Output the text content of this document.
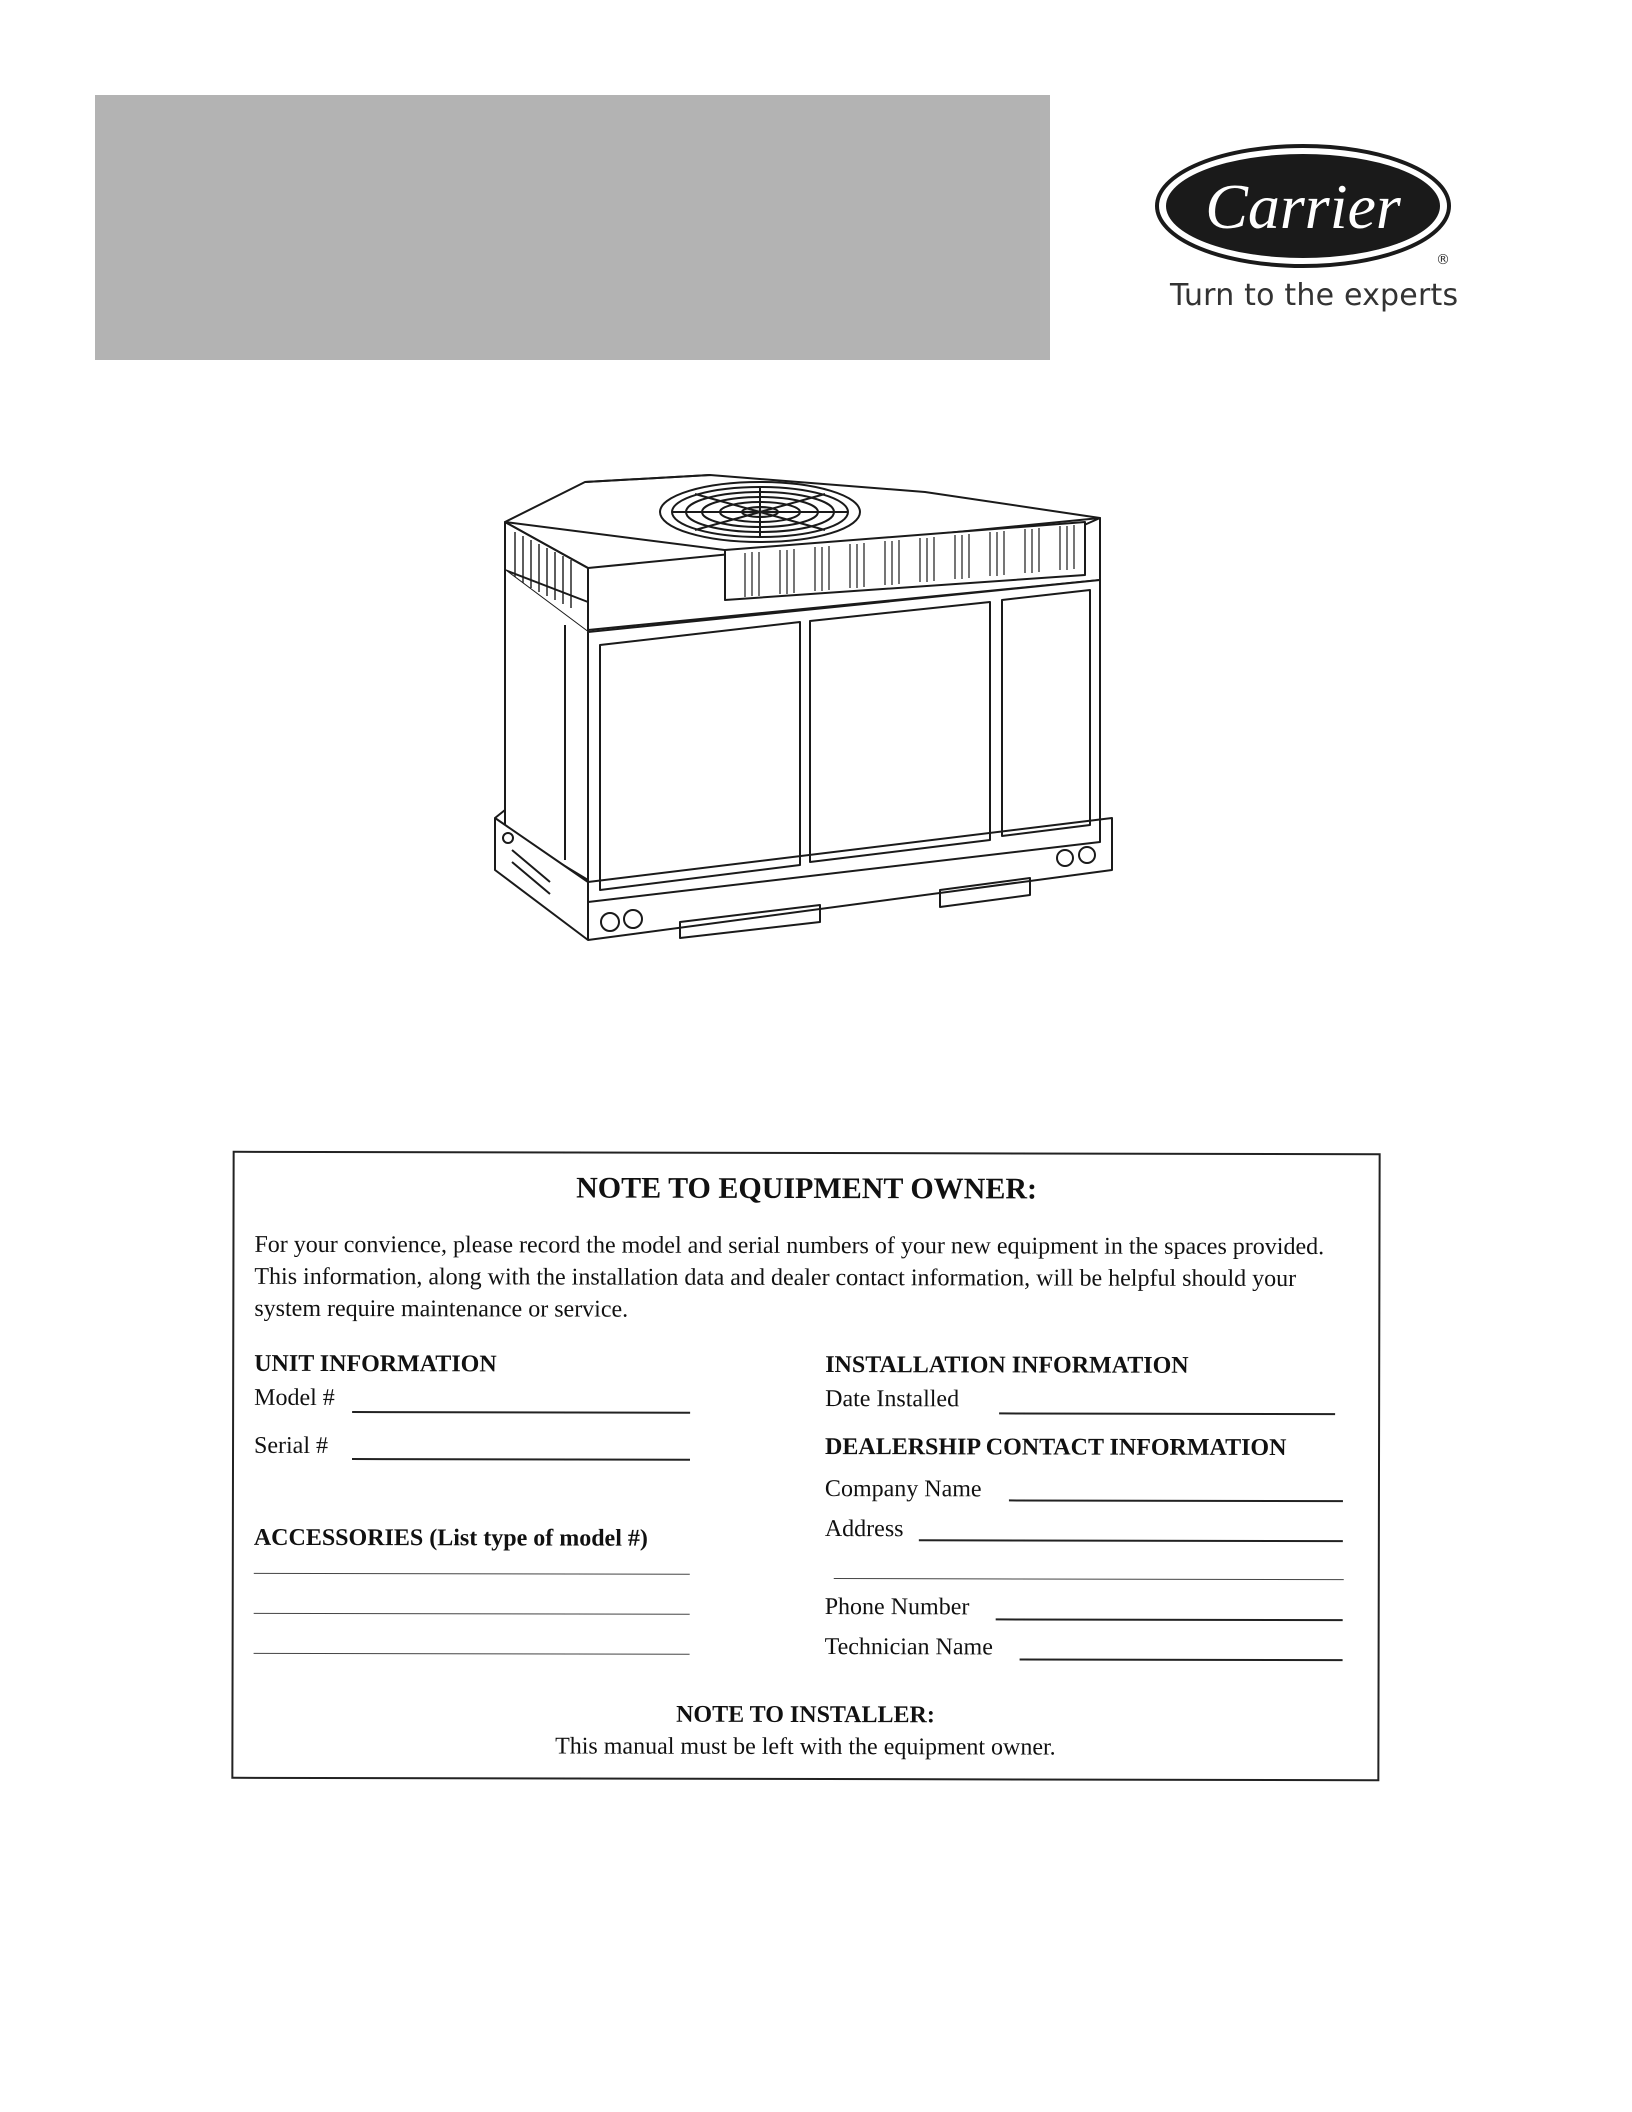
Carrier
®
Turn to the experts
NOTE TO EQUIPMENT OWNER:
For your convience, please record the model and serial numbers of your new equipment in the spaces provided. This information, along with the installation data and dealer contact information, will be helpful should your system require maintenance or service.
UNIT INFORMATION
Model #
Serial #
ACCESSORIES (List type of model #)
INSTALLATION INFORMATION
Date Installed
DEALERSHIP CONTACT INFORMATION
Company Name
Address
Phone Number
Technician Name
NOTE TO INSTALLER:
This manual must be left with the equipment owner.
